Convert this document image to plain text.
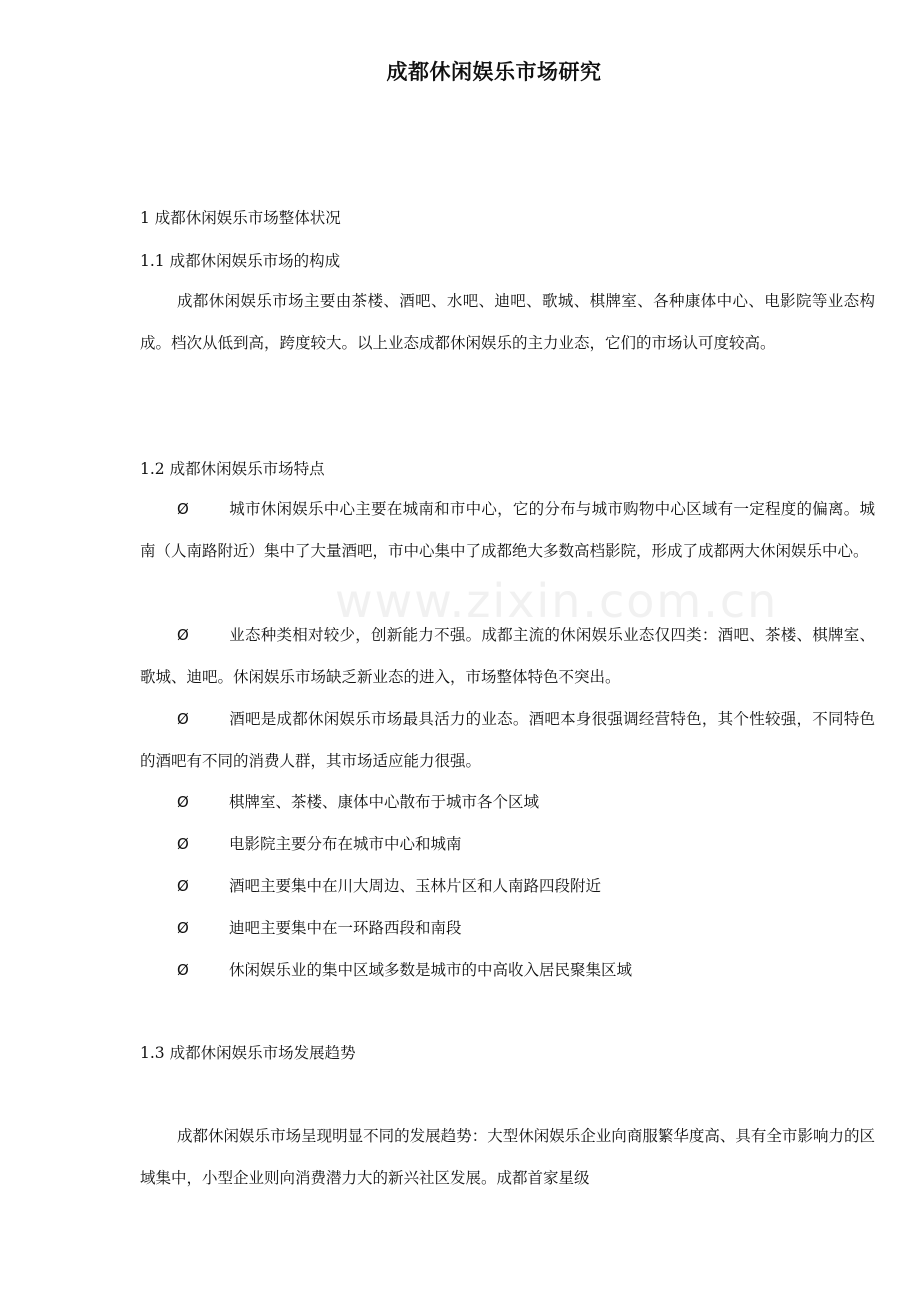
www.zixin.com.cn
成都休闲娱乐市场研究
1 成都休闲娱乐市场整体状况
1.1 成都休闲娱乐市场的构成

成都休闲娱乐市场主要由茶楼、酒吧、水吧、迪吧、歌城、棋牌室、各种康体中心、电影院等业态构成。档次从低到高，跨度较大。以上业态成都休闲娱乐的主力业态，它们的市场认可度较高。

1.2 成都休闲娱乐市场特点

Ø	城市休闲娱乐中心主要在城南和市中心，它的分布与城市购物中心区域有一定程度的偏离。城南（人南路附近）集中了大量酒吧，市中心集中了成都绝大多数高档影院，形成了成都两大休闲娱乐中心。

Ø	业态种类相对较少，创新能力不强。成都主流的休闲娱乐业态仅四类：酒吧、茶楼、棋牌室、歌城、迪吧。休闲娱乐市场缺乏新业态的进入，市场整体特色不突出。

Ø	酒吧是成都休闲娱乐市场最具活力的业态。酒吧本身很强调经营特色，其个性较强，不同特色的酒吧有不同的消费人群，其市场适应能力很强。

Ø	棋牌室、茶楼、康体中心散布于城市各个区域

Ø	电影院主要分布在城市中心和城南

Ø	酒吧主要集中在川大周边、玉林片区和人南路四段附近

Ø	迪吧主要集中在一环路西段和南段

Ø	休闲娱乐业的集中区域多数是城市的中高收入居民聚集区域

1.3 成都休闲娱乐市场发展趋势

成都休闲娱乐市场呈现明显不同的发展趋势：大型休闲娱乐企业向商服繁华度高、具有全市影响力的区域集中，小型企业则向消费潜力大的新兴社区发展。成都首家星级
